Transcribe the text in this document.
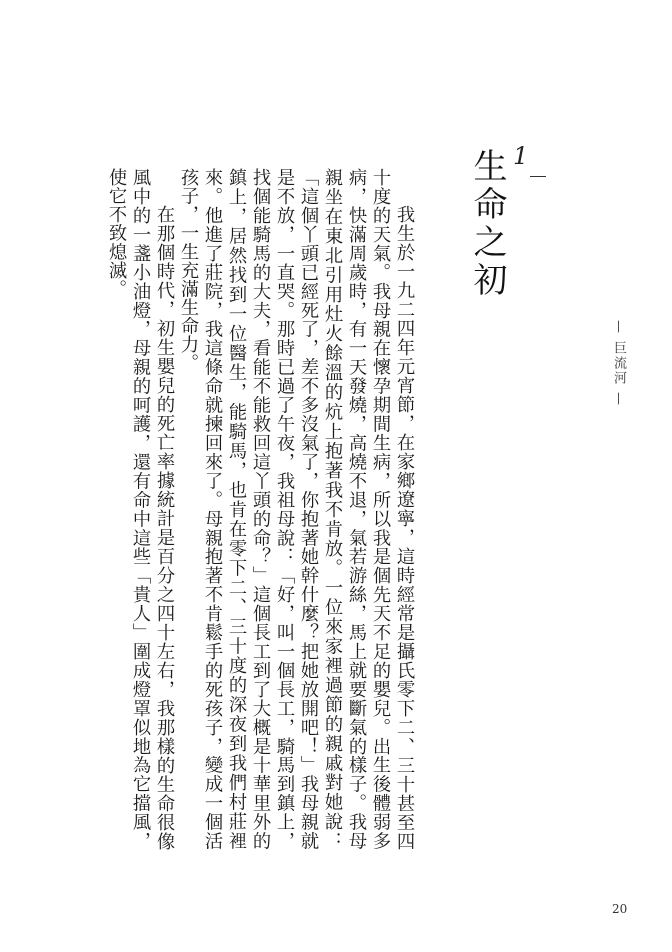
— 巨流河 —
1
生命之初

我生於一九二四年元宵節，在家鄉遼寧，這時經常是攝氏零下二、三十甚至四十度的天氣。我母親在懷孕期間生病，所以我是個先天不足的嬰兒。出生後體弱多病，快滿周歲時，有一天發燒，高燒不退，氣若游絲，馬上就要斷氣的樣子。我母親坐在東北引用灶火餘溫的炕上抱著我不肯放。一位來家裡過節的親戚對她說：「這個丫頭已經死了，差不多沒氣了，你抱著她幹什麼？把她放開吧！」我母親就是不放，一直哭。那時已過了午夜，我祖母說：「好，叫一個長工，騎馬到鎮上，找個能騎馬的大夫，看能不能救回這丫頭的命？」這個長工到了大概是十華里外的鎮上，居然找到一位醫生，能騎馬，也肯在零下二、三十度的深夜到我們村莊裡來。他進了莊院，我這條命就揀回來了。母親抱著不肯鬆手的死孩子，變成一個活孩子，一生充滿生命力。

在那個時代，初生嬰兒的死亡率據統計是百分之四十左右，我那樣的生命很像風中的一盞小油燈，母親的呵護，還有命中這些「貴人」圍成燈罩似地為它擋風，使它不致熄滅。

20
